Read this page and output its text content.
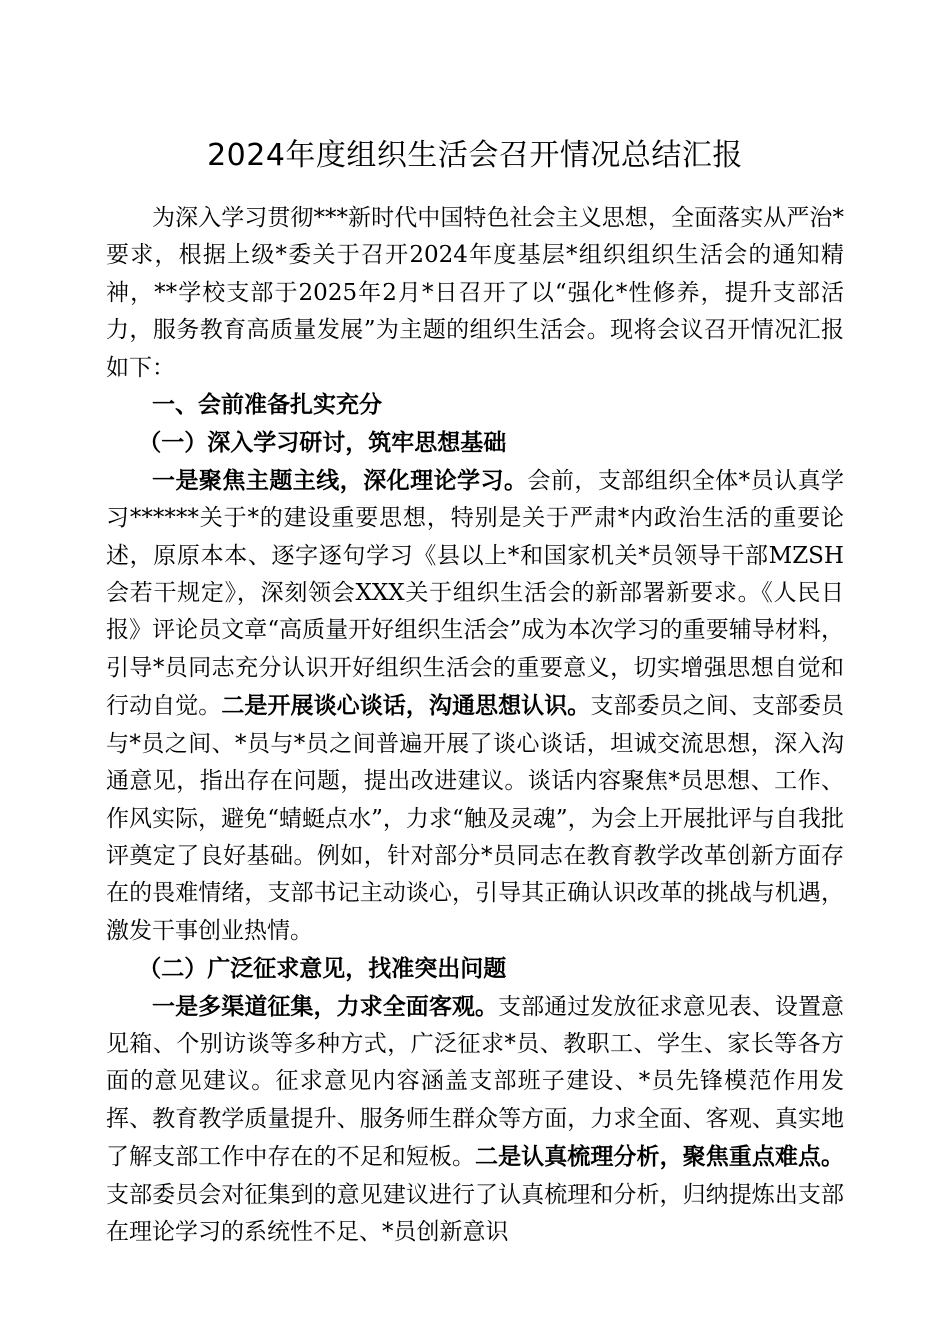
2024年度组织生活会召开情况总结汇报

为深入学习贯彻***新时代中国特色社会主义思想，全面落实从严治*要求，根据上级*委关于召开2024年度基层*组织组织生活会的通知精神，**学校支部于2025年2月*日召开了以“强化*性修养，提升支部活力，服务教育高质量发展”为主题的组织生活会。现将会议召开情况汇报如下：

一、会前准备扎实充分

（一）深入学习研讨，筑牢思想基础

一是聚焦主题主线，深化理论学习。会前，支部组织全体*员认真学习******关于*的建设重要思想，特别是关于严肃*内政治生活的重要论述，原原本本、逐字逐句学习《县以上*和国家机关*员领导干部MZSH会若干规定》，深刻领会XXX关于组织生活会的新部署新要求。《人民日报》评论员文章“高质量开好组织生活会”成为本次学习的重要辅导材料，引导*员同志充分认识开好组织生活会的重要意义，切实增强思想自觉和行动自觉。二是开展谈心谈话，沟通思想认识。支部委员之间、支部委员与*员之间、*员与*员之间普遍开展了谈心谈话，坦诚交流思想，深入沟通意见，指出存在问题，提出改进建议。谈话内容聚焦*员思想、工作、作风实际，避免“蜻蜓点水”，力求“触及灵魂”，为会上开展批评与自我批评奠定了良好基础。例如，针对部分*员同志在教育教学改革创新方面存在的畏难情绪，支部书记主动谈心，引导其正确认识改革的挑战与机遇，激发干事创业热情。

（二）广泛征求意见，找准突出问题

一是多渠道征集，力求全面客观。支部通过发放征求意见表、设置意见箱、个别访谈等多种方式，广泛征求*员、教职工、学生、家长等各方面的意见建议。征求意见内容涵盖支部班子建设、*员先锋模范作用发挥、教育教学质量提升、服务师生群众等方面，力求全面、客观、真实地了解支部工作中存在的不足和短板。二是认真梳理分析，聚焦重点难点。支部委员会对征集到的意见建议进行了认真梳理和分析，归纳提炼出支部在理论学习的系统性不足、*员创新意识
